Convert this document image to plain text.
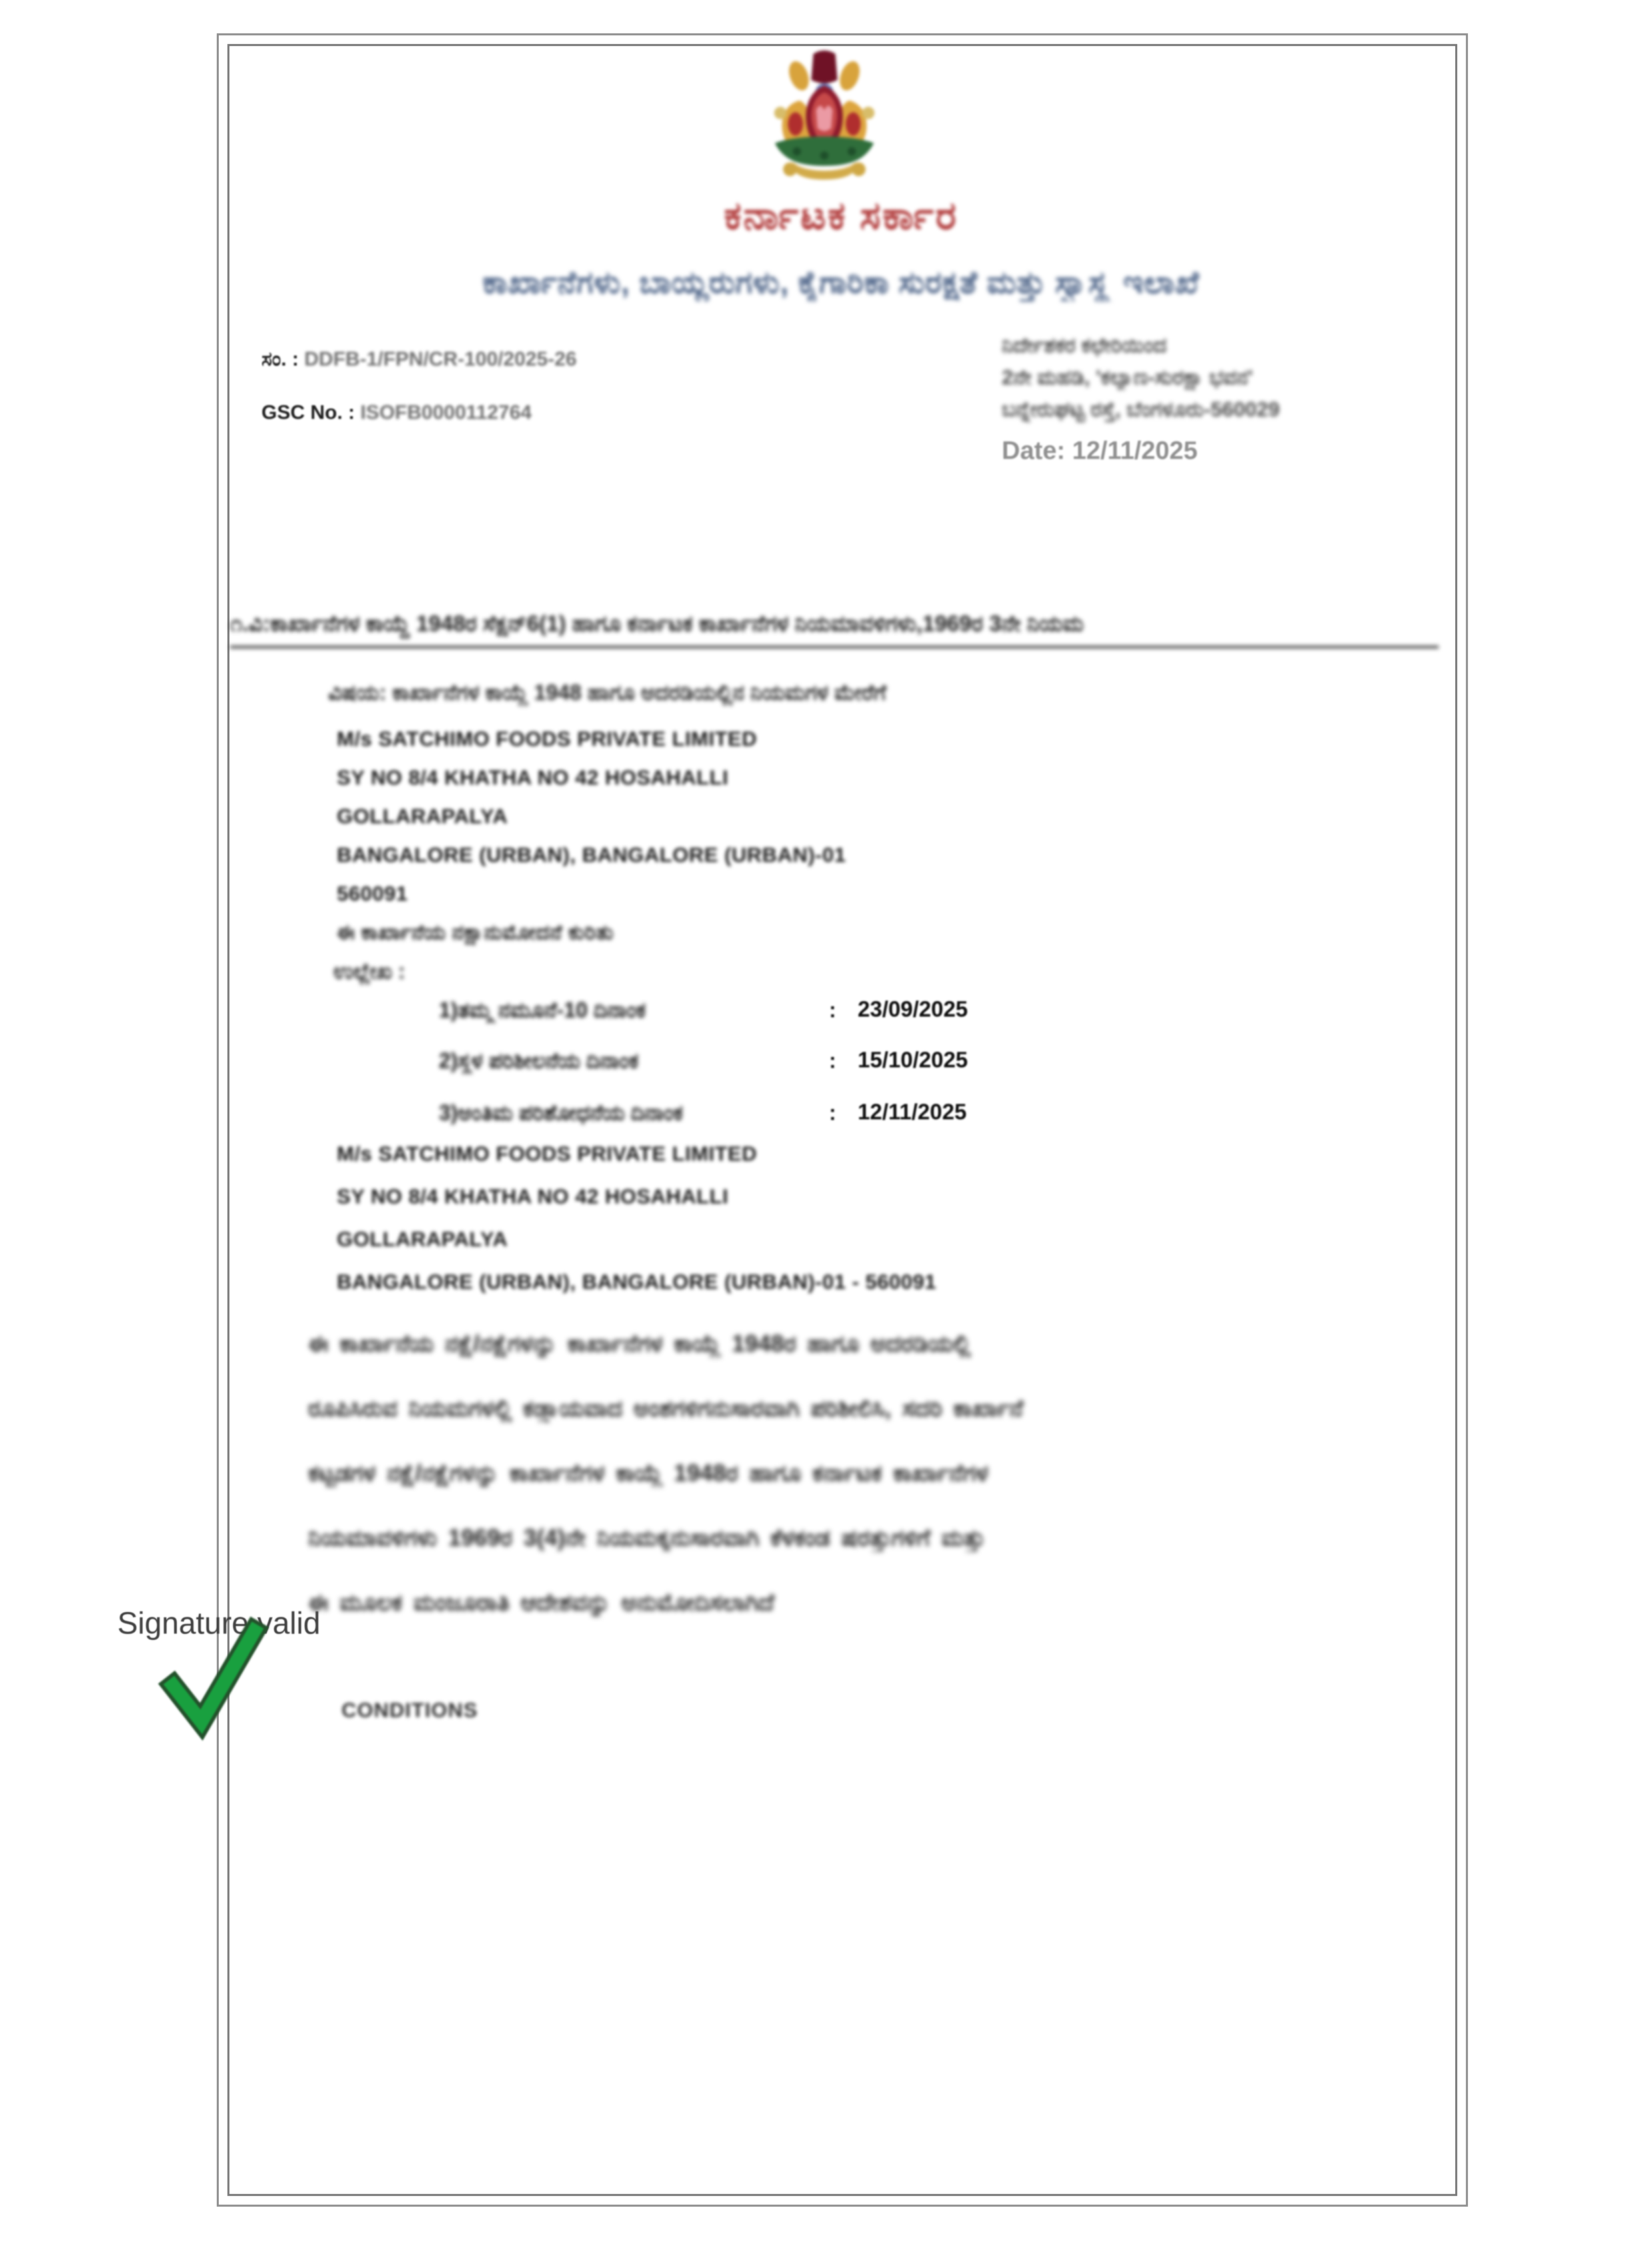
ಕರ್ನಾಟಕ ಸರ್ಕಾರ
ಕಾರ್ಖಾನೆಗಳು, ಬಾಯ್ಲರುಗಳು, ಕೈಗಾರಿಕಾ ಸುರಕ್ಷತೆ ಮತ್ತು ಸ್ವಾಸ್ಥ್ಯ ಇಲಾಖೆ
ಸಂ. : DDFB-1/FPN/CR-100/2025-26
GSC No. : ISOFB0000112764
ನಿರ್ದೇಶಕರ ಕಛೇರಿಯಿಂದ
2ನೇ ಮಹಡಿ, 'ಕಲ್ಯಾಣ-ಸುರಕ್ಷಾ ಭವನ'
ಬನ್ನೇರುಘಟ್ಟ ರಸ್ತೆ, ಬೆಂಗಳೂರು-560029
Date: 12/11/2025
೧.ವಿ:ಕಾರ್ಖಾನೆಗಳ ಕಾಯ್ದೆ 1948ರ ಸೆಕ್ಷನ್6(1) ಹಾಗೂ ಕರ್ನಾಟಕ ಕಾರ್ಖಾನೆಗಳ ನಿಯಮಾವಳಿಗಳು,1969ರ 3ನೇ ನಿಯಮ
ವಿಷಯ: ಕಾರ್ಖಾನೆಗಳ ಕಾಯ್ದೆ 1948 ಹಾಗೂ ಅದರಡಿಯಲ್ಲಿನ ನಿಯಮಗಳ ಮೇರೆಗೆ
M/s SATCHIMO FOODS PRIVATE LIMITED
SY NO 8/4 KHATHA NO 42 HOSAHALLI
GOLLARAPALYA
BANGALORE (URBAN), BANGALORE (URBAN)-01
560091
ಈ ಕಾರ್ಖಾನೆಯ ನಕ್ಷಾನುಮೋದನೆ ಕುರಿತು
ಉಲ್ಲೇಖ :
1)ತಮ್ಮ ನಮೂನೆ-10 ದಿನಾಂಕ	: 23/09/2025
2)ಸ್ಥಳ ಪರಿಶೀಲನೆಯ ದಿನಾಂಕ	: 15/10/2025
3)ಅಂತಿಮ ಪರಿಶೋಧನೆಯ ದಿನಾಂಕ	: 12/11/2025
M/s SATCHIMO FOODS PRIVATE LIMITED
SY NO 8/4 KHATHA NO 42 HOSAHALLI
GOLLARAPALYA
BANGALORE (URBAN), BANGALORE (URBAN)-01 - 560091
ಈ ಕಾರ್ಖಾನೆಯ ನಕ್ಷೆ/ನಕ್ಷೆಗಳನ್ನು ಕಾರ್ಖಾನೆಗಳ ಕಾಯ್ದೆ 1948ರ ಹಾಗೂ ಅದರಡಿಯಲ್ಲಿ
ರೂಪಿಸಿರುವ ನಿಯಮಗಳಲ್ಲಿ ಕಡ್ಡಾಯವಾದ ಅಂಶಗಳಿಗನುಸಾರವಾಗಿ ಪರಿಶೀಲಿಸಿ, ಸದರಿ ಕಾರ್ಖಾನೆ
ಕಟ್ಟಡಗಳ ನಕ್ಷೆ/ನಕ್ಷೆಗಳನ್ನು ಕಾರ್ಖಾನೆಗಳ ಕಾಯ್ದೆ 1948ರ ಹಾಗೂ ಕರ್ನಾಟಕ ಕಾರ್ಖಾನೆಗಳ
ನಿಯಮಾವಳಿಗಳು 1969ರ 3(4)ನೇ ನಿಯಮಕ್ಕನುಸಾರವಾಗಿ ಕೆಳಕಂಡ ಷರತ್ತುಗಳಿಗೆ ಮತ್ತು
ಈ ಮೂಲಕ ಮಂಜೂರಾತಿ ಆದೇಶವನ್ನು ಅನುಮೋದಿಸಲಾಗಿದೆ
Signature valid
CONDITIONS
